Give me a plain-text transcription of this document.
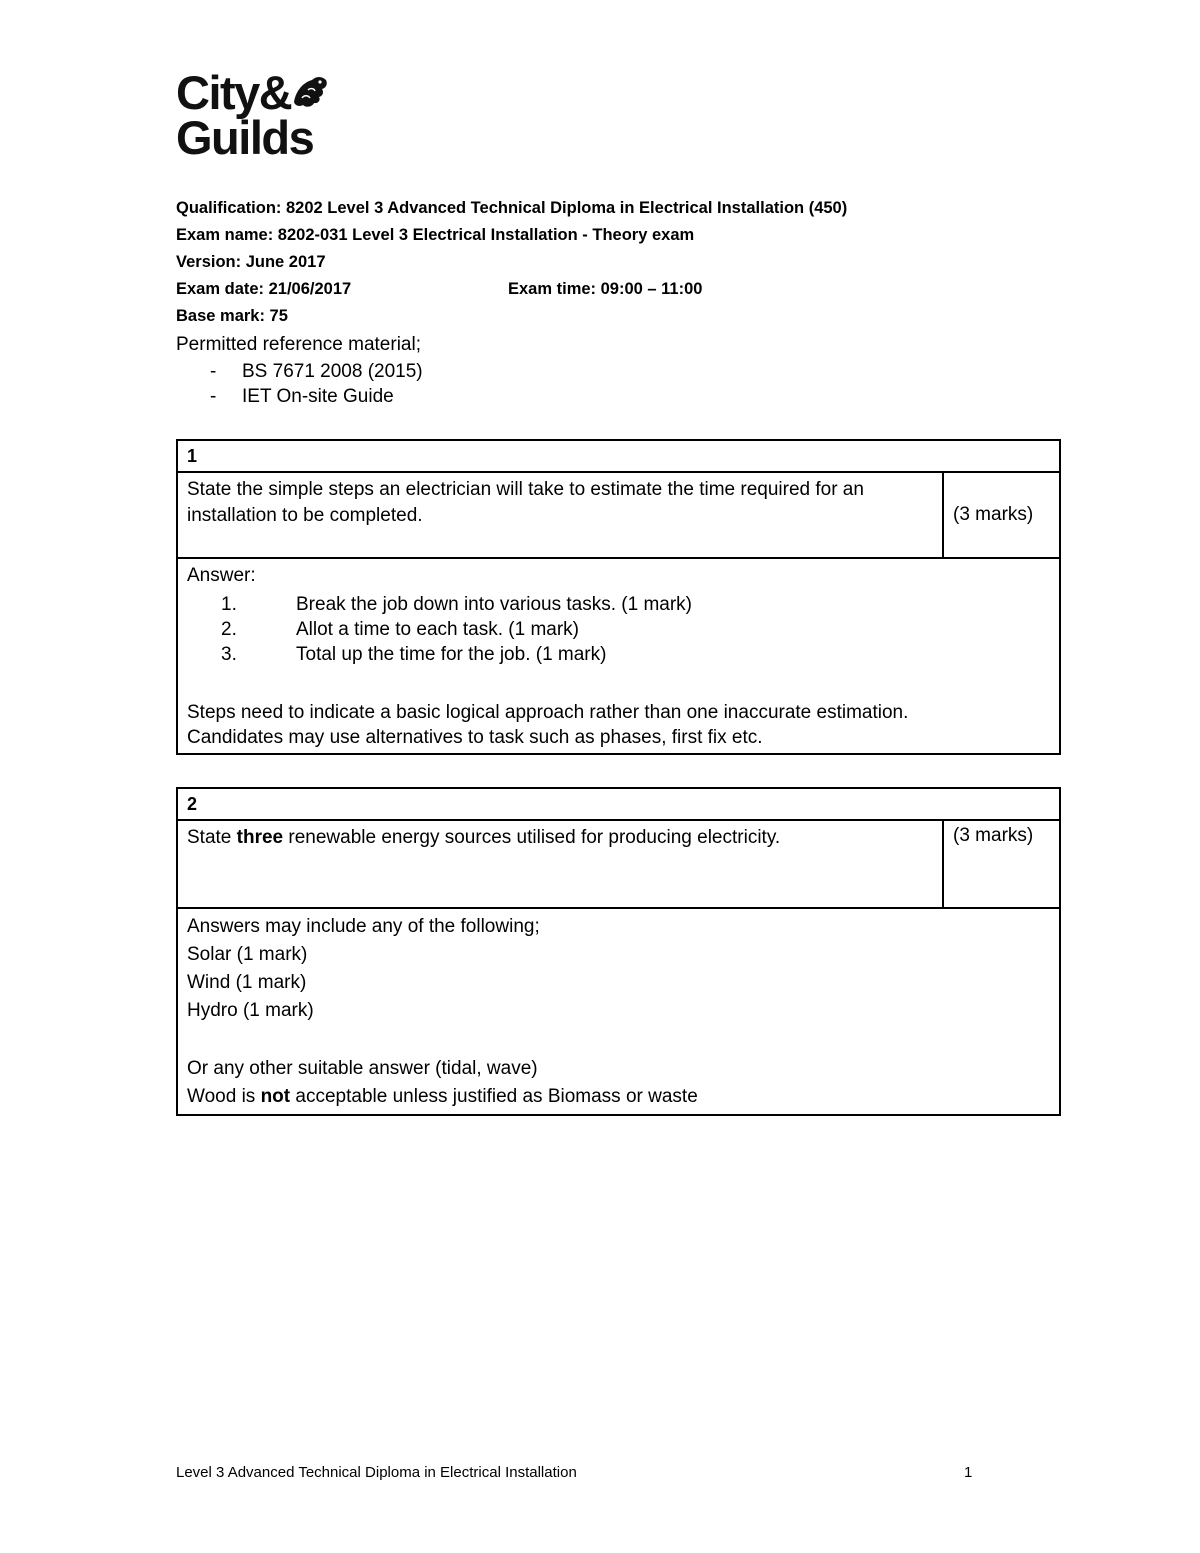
City&
Guilds
Qualification: 8202 Level 3 Advanced Technical Diploma in Electrical Installation (450)
Exam name: 8202-031 Level 3 Electrical Installation - Theory exam
Version: June 2017
Exam date: 21/06/2017	Exam time: 09:00 – 11:00
Base mark: 75
Permitted reference material;
- BS 7671 2008 (2015)
- IET On-site Guide
1
State the simple steps an electrician will take to estimate the time required for an installation to be completed.	(3 marks)

Answer:
1.	Break the job down into various tasks. (1 mark)
2.	Allot a time to each task. (1 mark)
3.	Total up the time for the job. (1 mark)
Steps need to indicate a basic logical approach rather than one inaccurate estimation.
Candidates may use alternatives to task such as phases, first fix etc.
2
State three renewable energy sources utilised for producing electricity.	(3 marks)

Answers may include any of the following;
Solar (1 mark)
Wind (1 mark)
Hydro (1 mark)
Or any other suitable answer (tidal, wave)
Wood is not acceptable unless justified as Biomass or waste
Level 3 Advanced Technical Diploma in Electrical Installation	1
